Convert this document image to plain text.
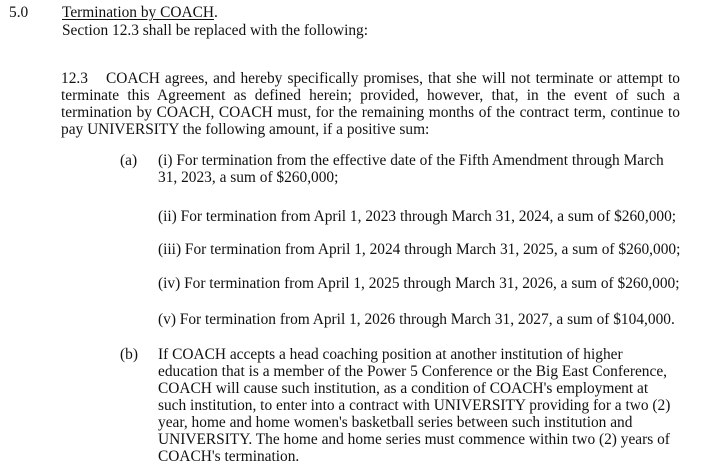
5.0 Termination by COACH .
Section 12.3 shall be replaced with the following:

12.3 COACH agrees, and hereby specifically promises, that she will not terminate or attempt to terminate this Agreement as defined herein; provided, however, that, in the event of such a termination by COACH, COACH must, for the remaining months of the contract term, continue to pay UNIVERSITY the following amount, if a positive sum:

(a) (i) For termination from the effective date of the Fifth Amendment through March 31, 2023, a sum of $260,000;

(ii) For termination from April 1, 2023 through March 31, 2024, a sum of $260,000;
(iii) For termination from April 1, 2024 through March 31, 2025, a sum of $260,000;
(iv) For termination from April 1, 2025 through March 31, 2026, a sum of $260,000;
(v) For termination from April 1, 2026 through March 31, 2027, a sum of $104,000.
(b) If COACH accepts a head coaching position at another institution of higher education that is a member of the Power 5 Conference or the Big East Conference, COACH will cause such institution, as a condition of COACH's employment at such institution, to enter into a contract with UNIVERSITY providing for a two (2) year, home and home women's basketball series between such institution and UNIVERSITY. The home and home series must commence within two (2) years of COACH's termination.
